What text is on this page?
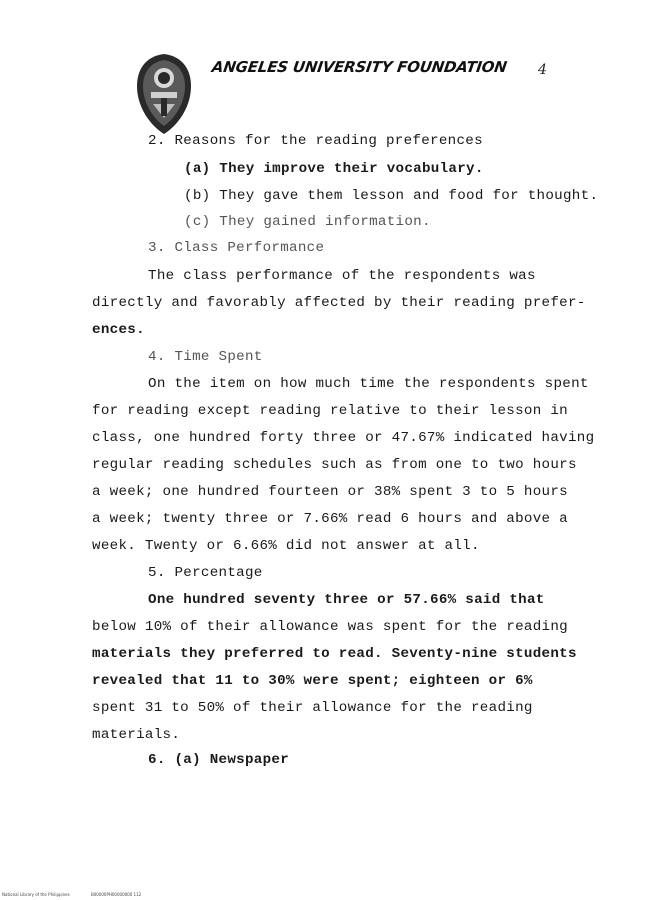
ANGELES UNIVERSITY FOUNDATION 4
2. Reasons for the reading preferences
(a) They improve their vocabulary.
(b) They gave them lesson and food for thought.
(c) They gained information.
3. Class Performance
The class performance of the respondents was
directly and favorably affected by their reading prefer-
ences.
4. Time Spent
On the item on how much time the respondents spent
for reading except reading relative to their lesson in
class, one hundred forty three or 47.67% indicated having
regular reading schedules such as from one to two hours
a week; one hundred fourteen or 38% spent 3 to 5 hours
a week; twenty three or 7.66% read 6 hours and above a
week. Twenty or 6.66% did not answer at all.
5. Percentage
One hundred seventy three or 57.66% said that
below 10% of their allowance was spent for the reading
materials they preferred to read. Seventy-nine students
revealed that 11 to 30% were spent; eighteen or 6%
spent 31 to 50% of their allowance for the reading
materials.
6. (a) Newspaper
National Library of the Philippines	B00000PH00000000 112
